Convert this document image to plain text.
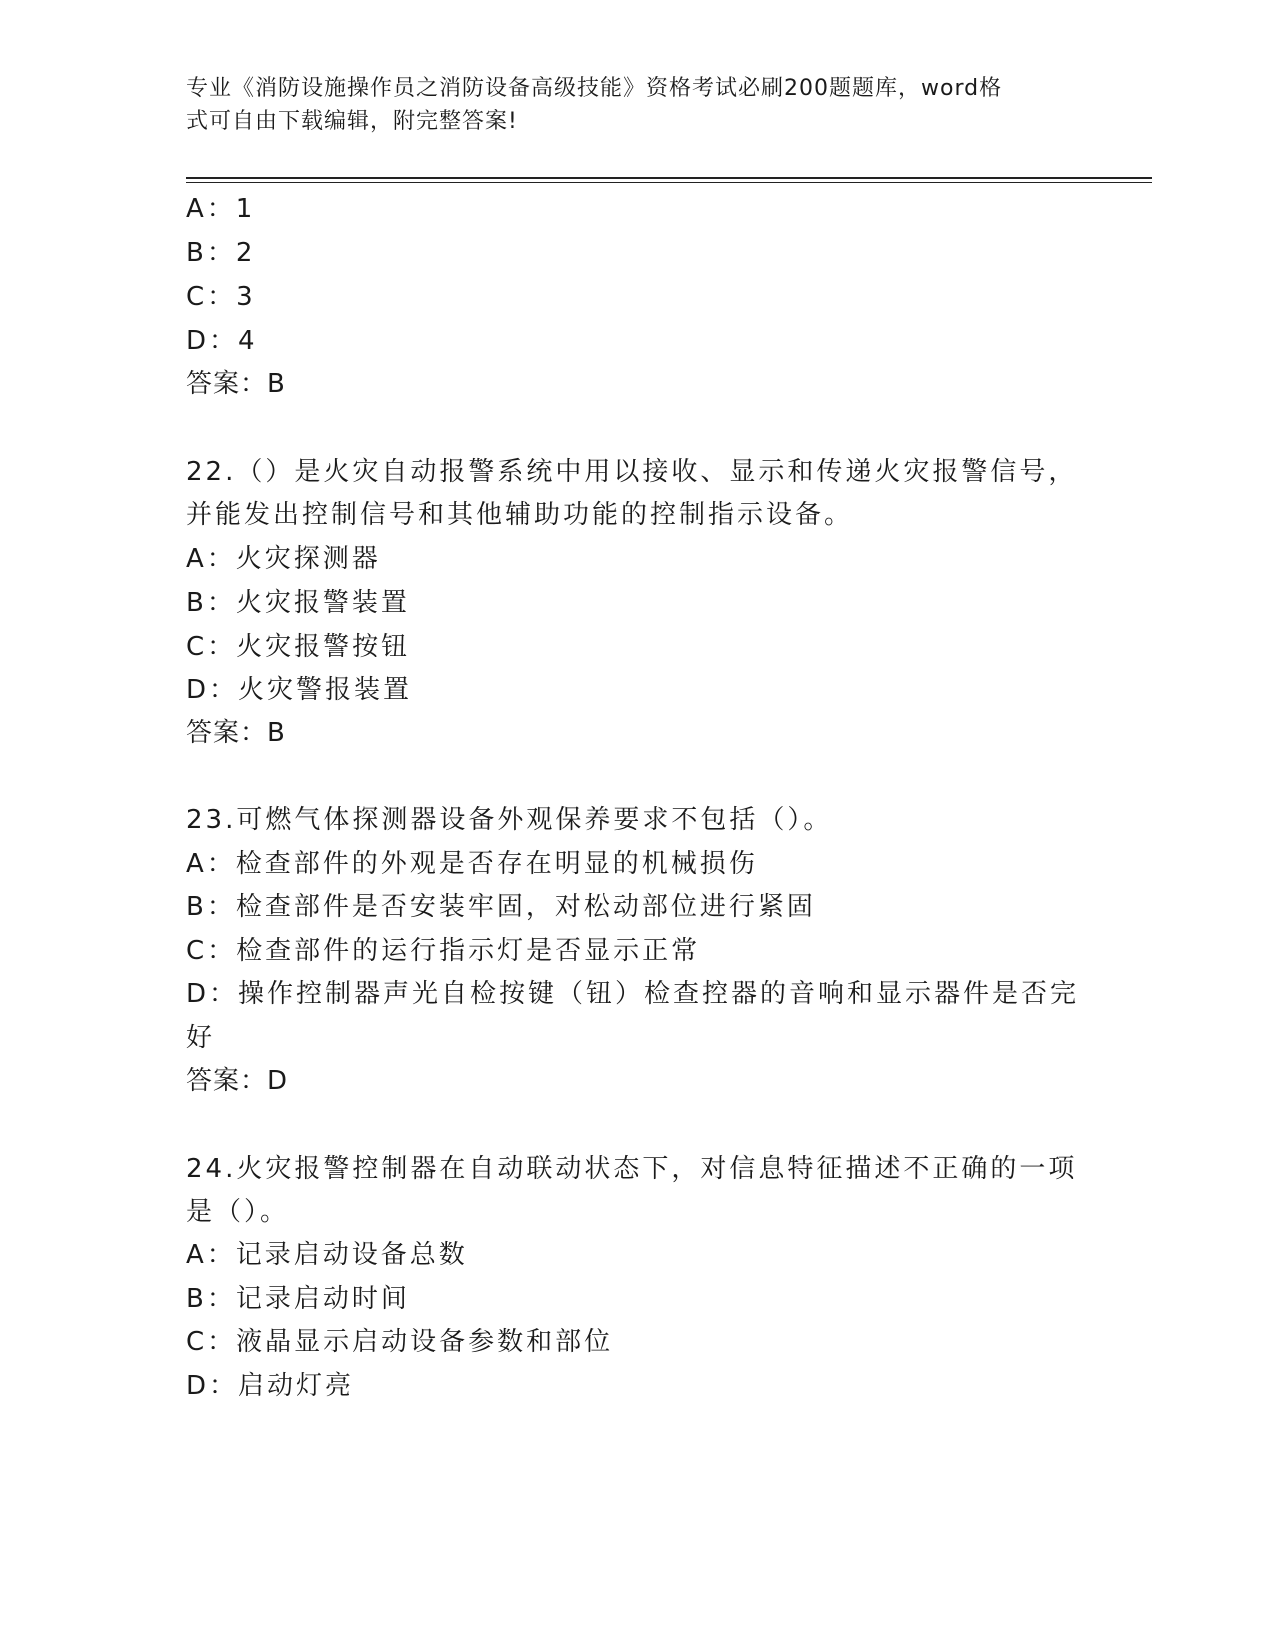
专业《消防设施操作员之消防设备高级技能》资格考试必刷200题题库，word格
式可自由下载编辑，附完整答案!
A：1
B：2
C：3
D：4
答案：B
22.（）是火灾自动报警系统中用以接收、显示和传递火灾报警信号，
并能发出控制信号和其他辅助功能的控制指示设备。
A：火灾探测器
B：火灾报警装置
C：火灾报警按钮
D：火灾警报装置
答案：B
23.可燃气体探测器设备外观保养要求不包括（）。
A：检查部件的外观是否存在明显的机械损伤
B：检查部件是否安装牢固，对松动部位进行紧固
C：检查部件的运行指示灯是否显示正常
D：操作控制器声光自检按键（钮）检查控器的音响和显示器件是否完
好
答案：D
24.火灾报警控制器在自动联动状态下，对信息特征描述不正确的一项
是（）。
A：记录启动设备总数
B：记录启动时间
C：液晶显示启动设备参数和部位
D：启动灯亮
